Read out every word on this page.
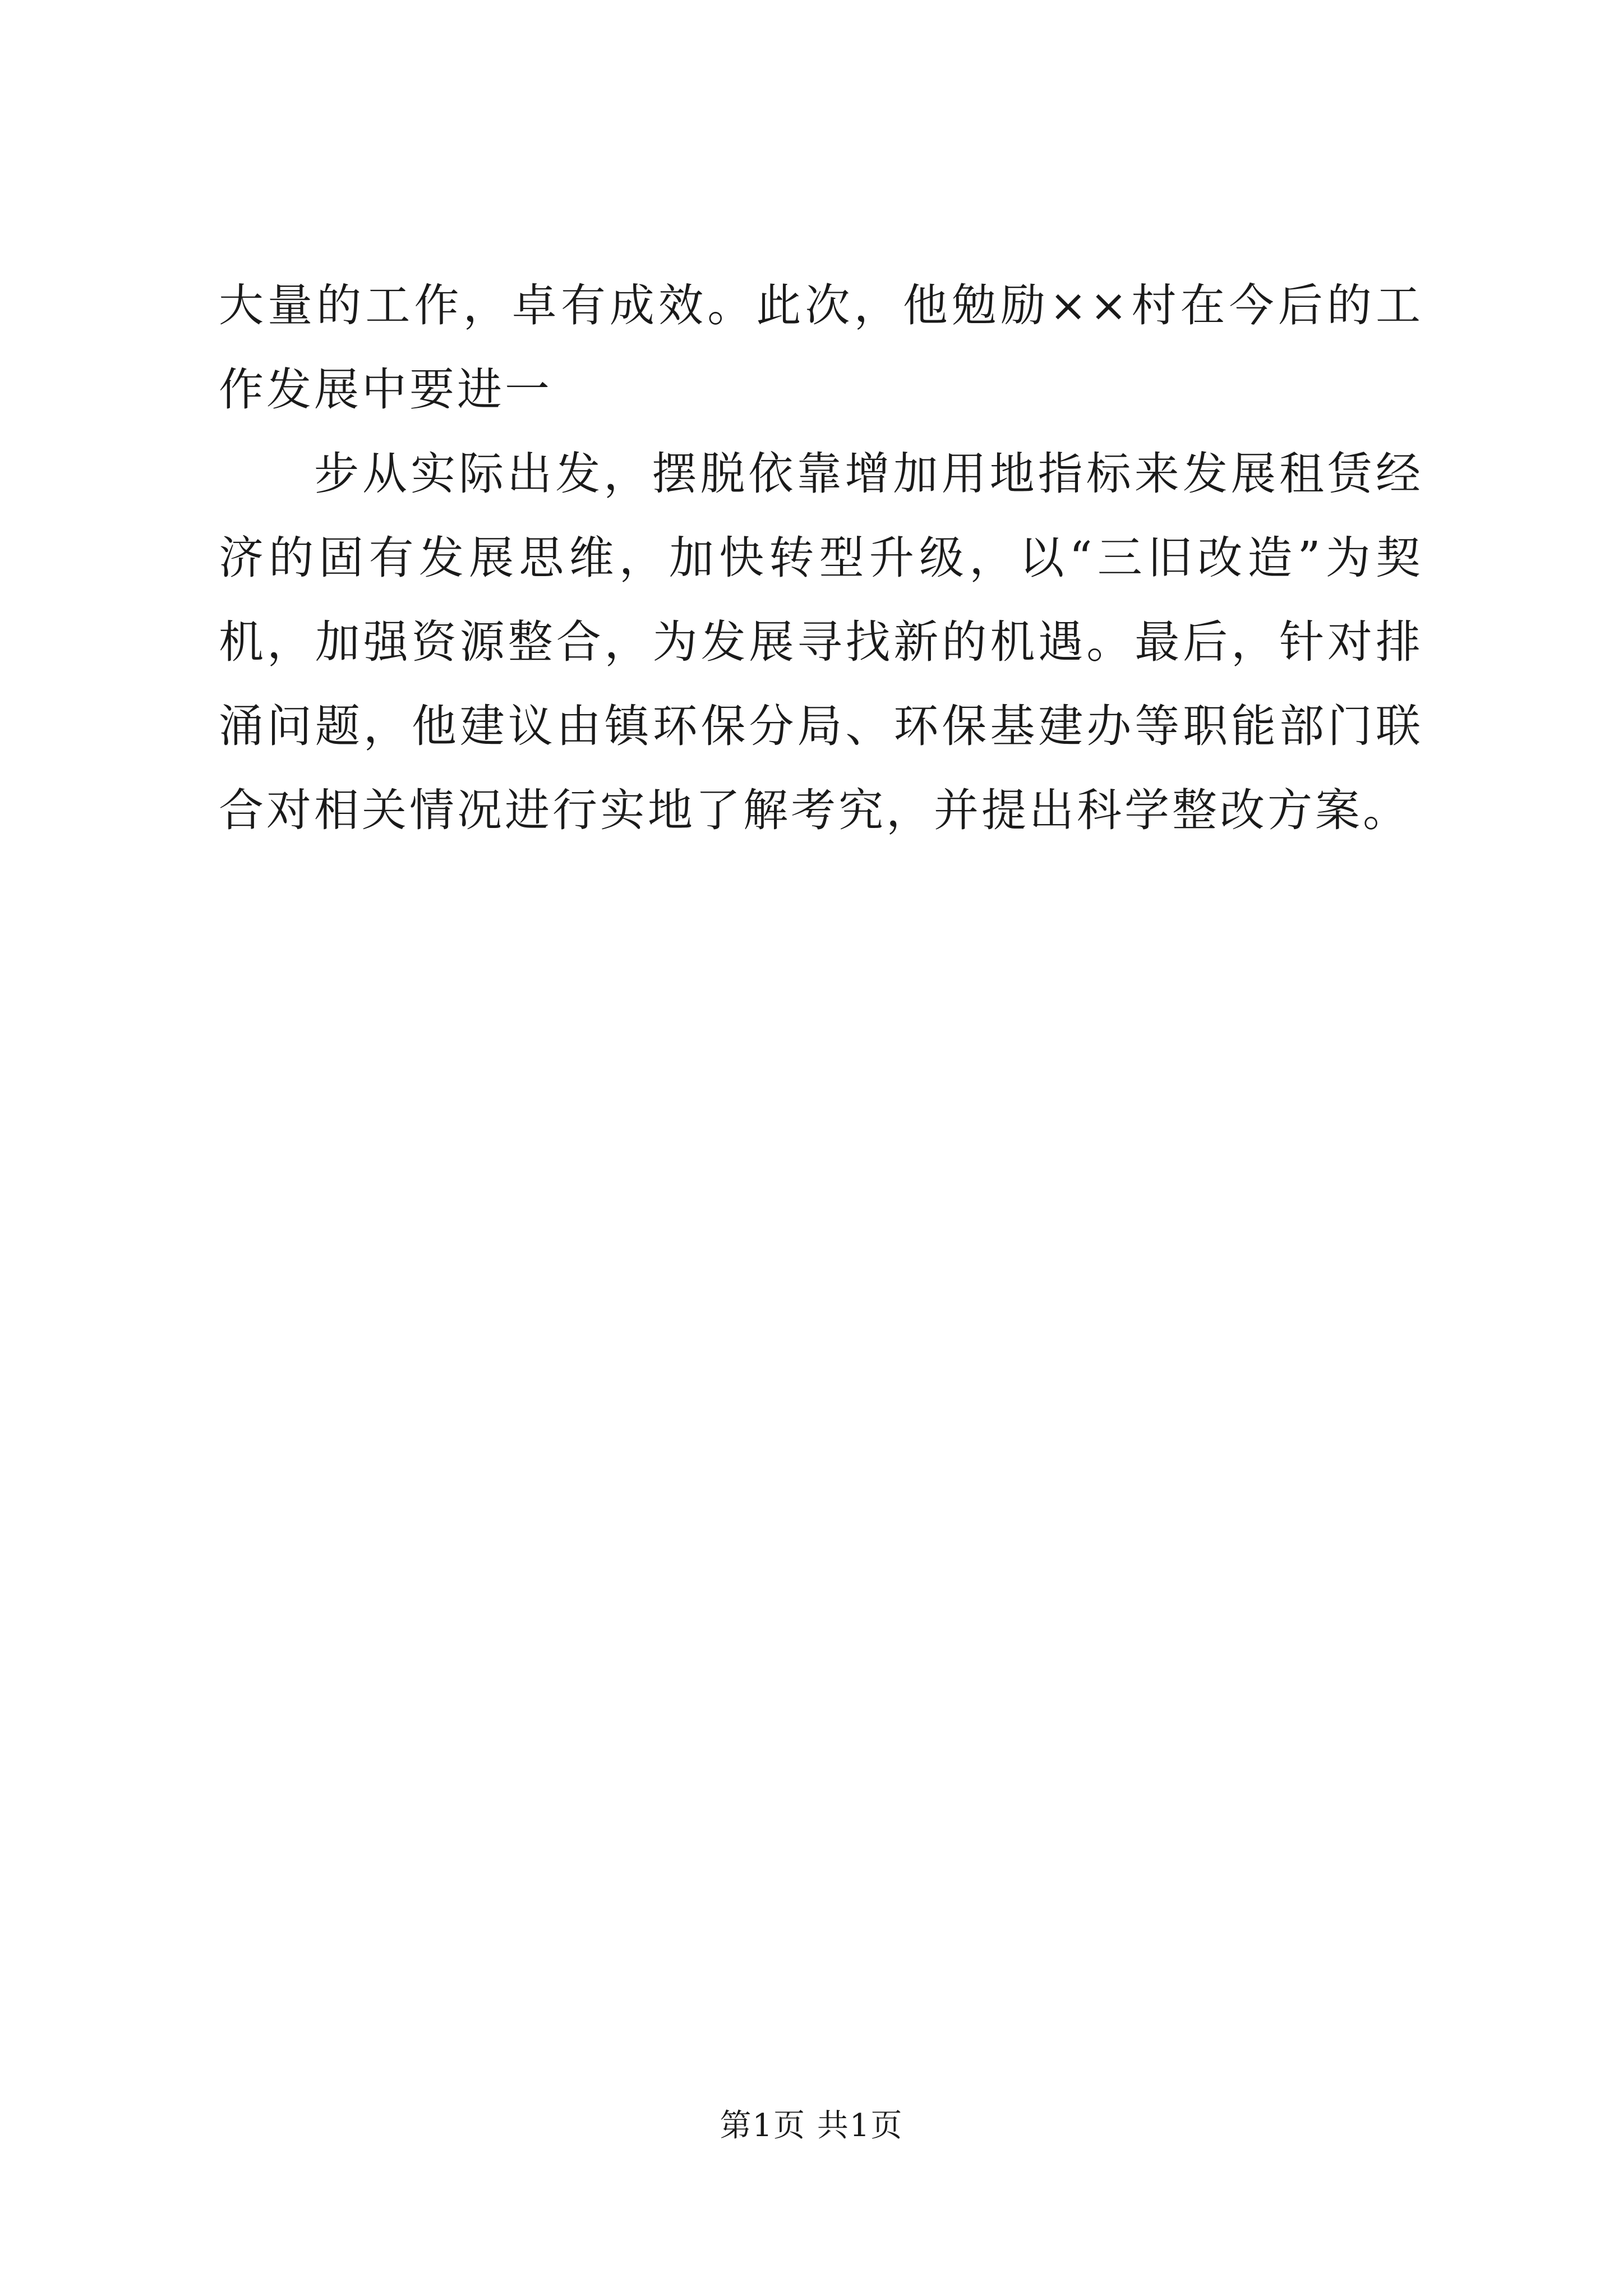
大量的工作，卓有成效。此次，他勉励××村在今后的工作发展中要进一

步从实际出发，摆脱依靠增加用地指标来发展租赁经济的固有发展思维，加快转型升级，以“三旧改造”为契机，加强资源整合，为发展寻找新的机遇。最后，针对排涌问题，他建议由镇环保分局、环保基建办等职能部门联合对相关情况进行实地了解考究，并提出科学整改方案。

第1页 共1页
